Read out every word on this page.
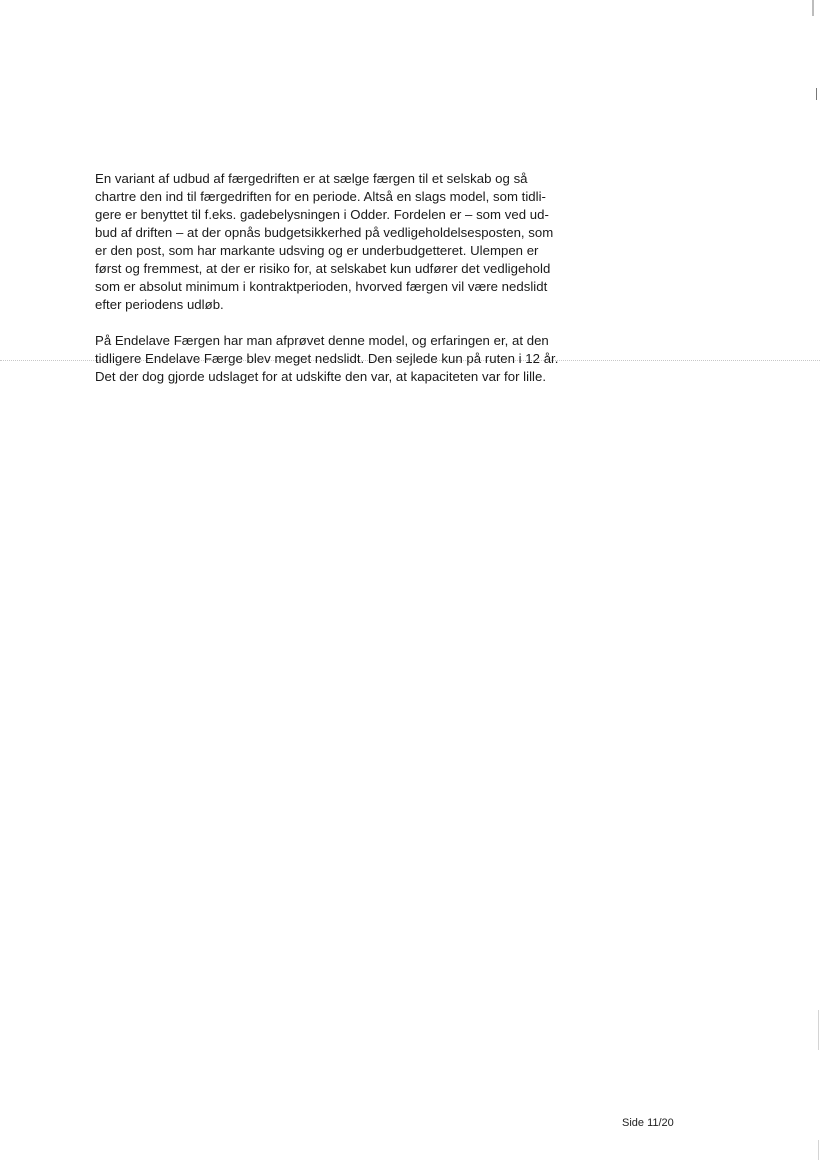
En variant af udbud af færgedriften er at sælge færgen til et selskab og så
chartre den ind til færgedriften for en periode. Altså en slags model, som tidli-
gere er benyttet til f.eks. gadebelysningen i Odder. Fordelen er – som ved ud-
bud af driften – at der opnås budgetsikkerhed på vedligeholdelsesposten, som
er den post, som har markante udsving og er underbudgetteret. Ulempen er
først og fremmest, at der er risiko for, at selskabet kun udfører det vedligehold
som er absolut minimum i kontraktperioden, hvorved færgen vil være nedslidt
efter periodens udløb.

På Endelave Færgen har man afprøvet denne model, og erfaringen er, at den
tidligere Endelave Færge blev meget nedslidt. Den sejlede kun på ruten i 12 år.
Det der dog gjorde udslaget for at udskifte den var, at kapaciteten var for lille.

Side 11/20
